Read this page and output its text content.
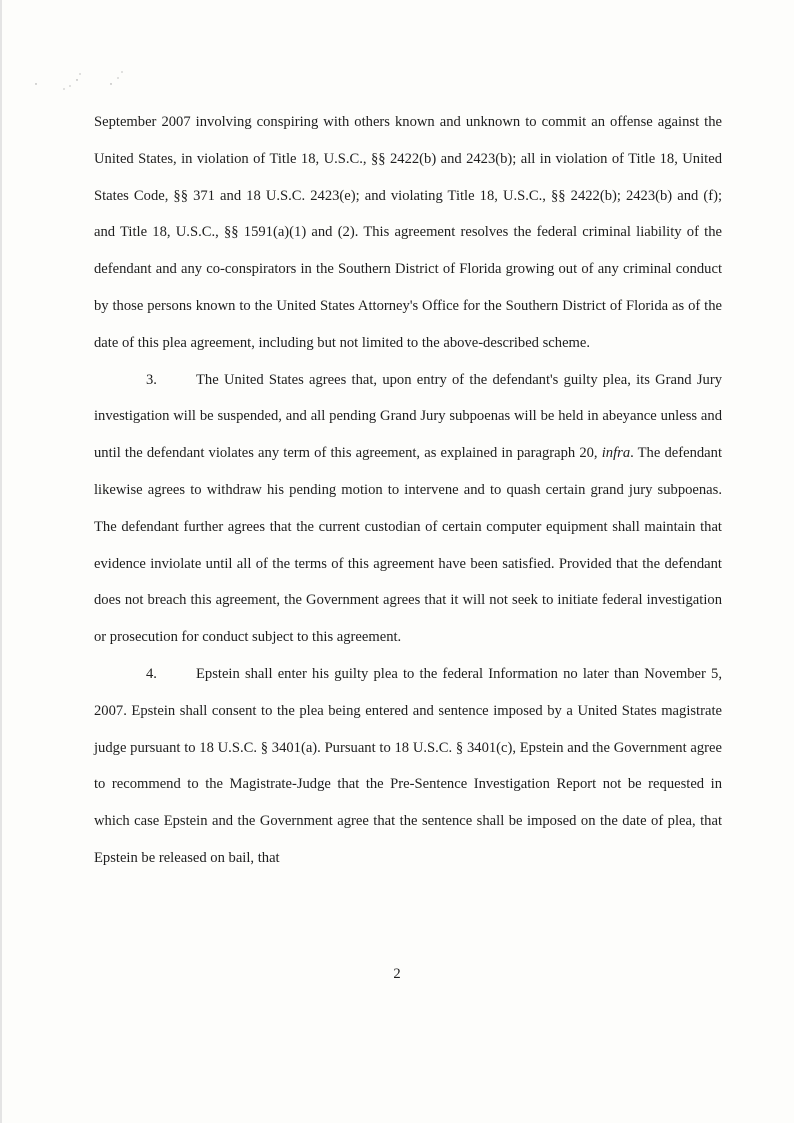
September 2007 involving conspiring with others known and unknown to commit an offense against the United States, in violation of Title 18, U.S.C., §§ 2422(b) and 2423(b); all in violation of Title 18, United States Code, §§ 371 and 18 U.S.C. 2423(e); and violating Title 18, U.S.C., §§ 2422(b); 2423(b) and (f); and Title 18, U.S.C., §§ 1591(a)(1) and (2). This agreement resolves the federal criminal liability of the defendant and any co-conspirators in the Southern District of Florida growing out of any criminal conduct by those persons known to the United States Attorney's Office for the Southern District of Florida as of the date of this plea agreement, including but not limited to the above-described scheme.

3.	The United States agrees that, upon entry of the defendant's guilty plea, its Grand Jury investigation will be suspended, and all pending Grand Jury subpoenas will be held in abeyance unless and until the defendant violates any term of this agreement, as explained in paragraph 20, infra. The defendant likewise agrees to withdraw his pending motion to intervene and to quash certain grand jury subpoenas. The defendant further agrees that the current custodian of certain computer equipment shall maintain that evidence inviolate until all of the terms of this agreement have been satisfied. Provided that the defendant does not breach this agreement, the Government agrees that it will not seek to initiate federal investigation or prosecution for conduct subject to this agreement.

4.	Epstein shall enter his guilty plea to the federal Information no later than November 5, 2007. Epstein shall consent to the plea being entered and sentence imposed by a United States magistrate judge pursuant to 18 U.S.C. § 3401(a). Pursuant to 18 U.S.C. § 3401(c), Epstein and the Government agree to recommend to the Magistrate-Judge that the Pre-Sentence Investigation Report not be requested in which case Epstein and the Government agree that the sentence shall be imposed on the date of plea, that Epstein be released on bail, that

2
